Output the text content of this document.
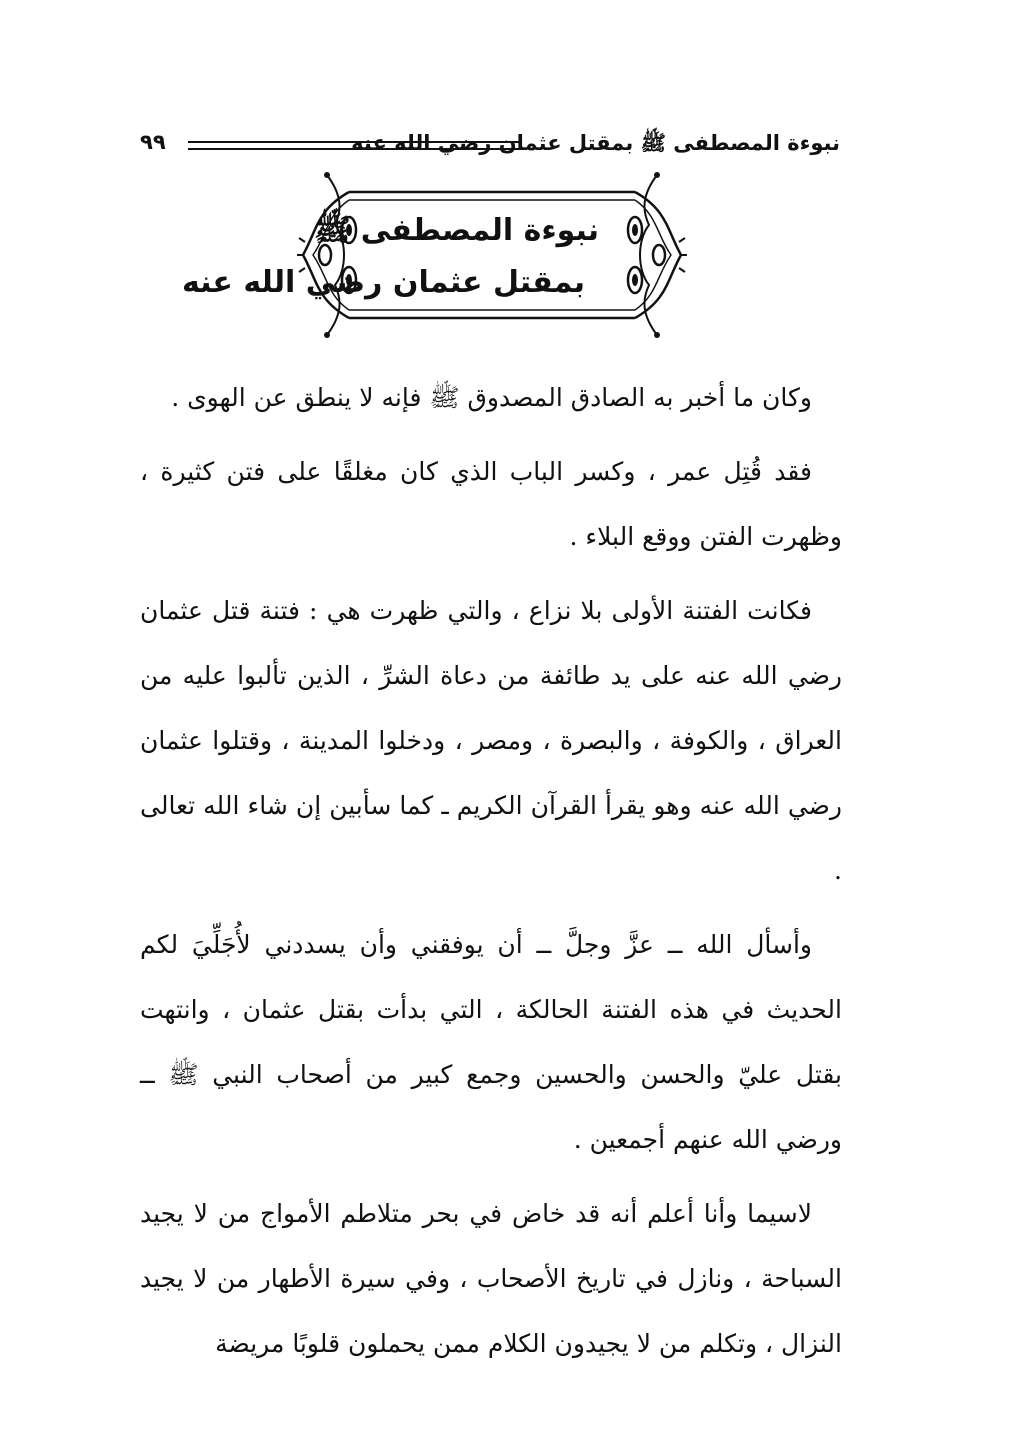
نبوءة المصطفى ﷺ بمقتل عثمان رضي الله عنه
٩٩
نبوءة المصطفى ﷺ
بمقتل عثمان رضي الله عنه

وكان ما أخبر به الصادق المصدوق ﷺ فإنه لا ينطق عن الهوى .

فقد قُتِل عمر ، وكسر الباب الذي كان مغلقًا على فتن كثيرة ، وظهرت الفتن ووقع البلاء .

فكانت الفتنة الأولى بلا نزاع ، والتي ظهرت هي : فتنة قتل عثمان رضي الله عنه على يد طائفة من دعاة الشرِّ ، الذين تألبوا عليه من العراق ، والكوفة ، والبصرة ، ومصر ، ودخلوا المدينة ، وقتلوا عثمان رضي الله عنه وهو يقرأ القرآن الكريم ـ كما سأبين إن شاء الله تعالى .

وأسأل الله ــ عزَّ وجلَّ ــ أن يوفقني وأن يسددني لأُجَلِّيَ لكم الحديث في هذه الفتنة الحالكة ، التي بدأت بقتل عثمان ، وانتهت بقتل عليّ والحسن والحسين وجمع كبير من أصحاب النبي ﷺ ــ ورضي الله عنهم أجمعين .

لاسيما وأنا أعلم أنه قد خاض في بحر متلاطم الأمواج من لا يجيد السباحة ، ونازل في تاريخ الأصحاب ، وفي سيرة الأطهار من لا يجيد النزال ، وتكلم من لا يجيدون الكلام ممن يحملون قلوبًا مريضة
